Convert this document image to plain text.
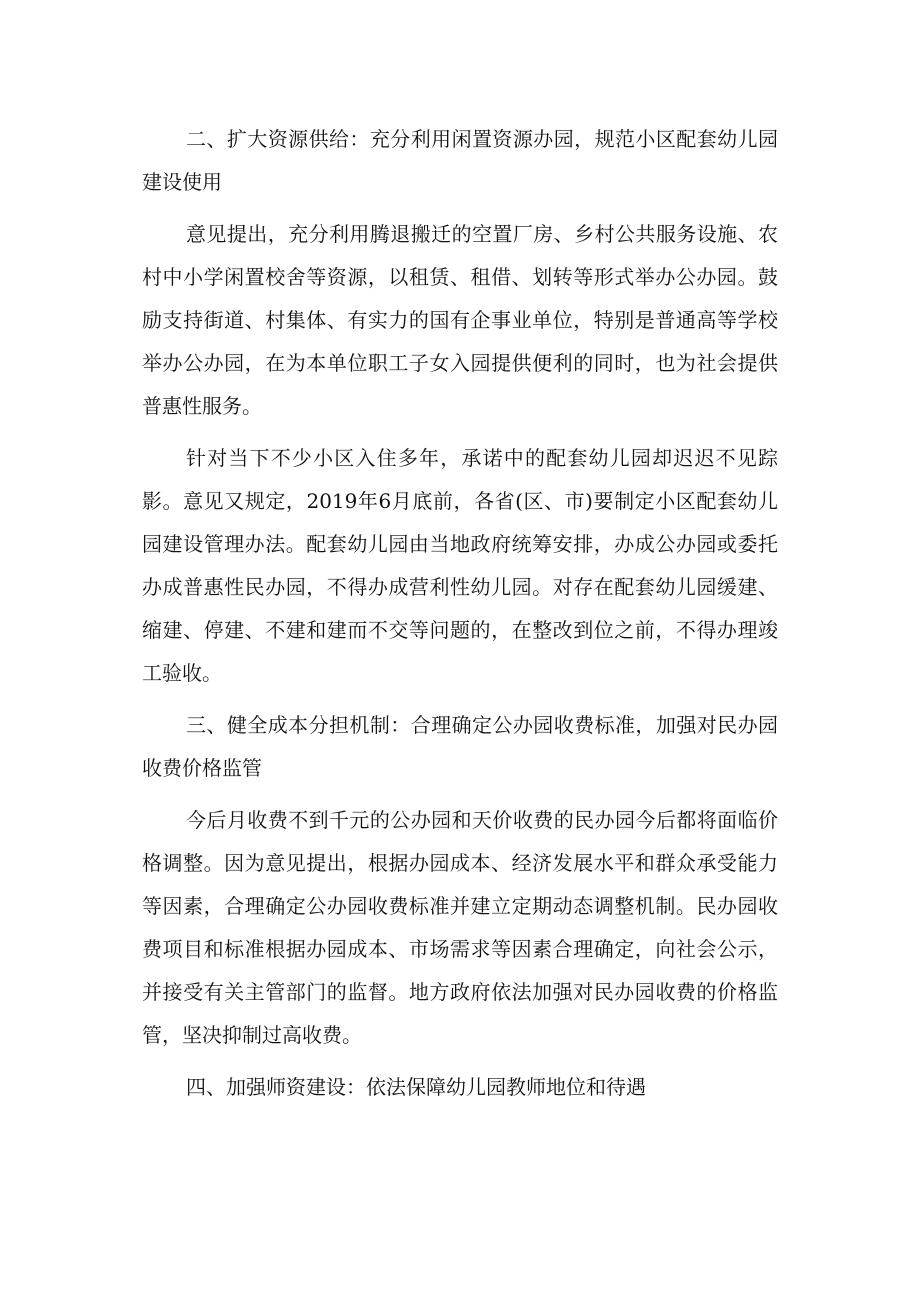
二、扩大资源供给：充分利用闲置资源办园，规范小区配套幼儿园建设使用

意见提出，充分利用腾退搬迁的空置厂房、乡村公共服务设施、农村中小学闲置校舍等资源，以租赁、租借、划转等形式举办公办园。鼓励支持街道、村集体、有实力的国有企事业单位，特别是普通高等学校举办公办园，在为本单位职工子女入园提供便利的同时，也为社会提供普惠性服务。

针对当下不少小区入住多年，承诺中的配套幼儿园却迟迟不见踪影。意见又规定，2019年6月底前，各省(区、市)要制定小区配套幼儿园建设管理办法。配套幼儿园由当地政府统筹安排，办成公办园或委托办成普惠性民办园，不得办成营利性幼儿园。对存在配套幼儿园缓建、缩建、停建、不建和建而不交等问题的，在整改到位之前，不得办理竣工验收。

三、健全成本分担机制：合理确定公办园收费标准，加强对民办园收费价格监管

今后月收费不到千元的公办园和天价收费的民办园今后都将面临价格调整。因为意见提出，根据办园成本、经济发展水平和群众承受能力等因素，合理确定公办园收费标准并建立定期动态调整机制。民办园收费项目和标准根据办园成本、市场需求等因素合理确定，向社会公示，并接受有关主管部门的监督。地方政府依法加强对民办园收费的价格监管，坚决抑制过高收费。

四、加强师资建设：依法保障幼儿园教师地位和待遇
